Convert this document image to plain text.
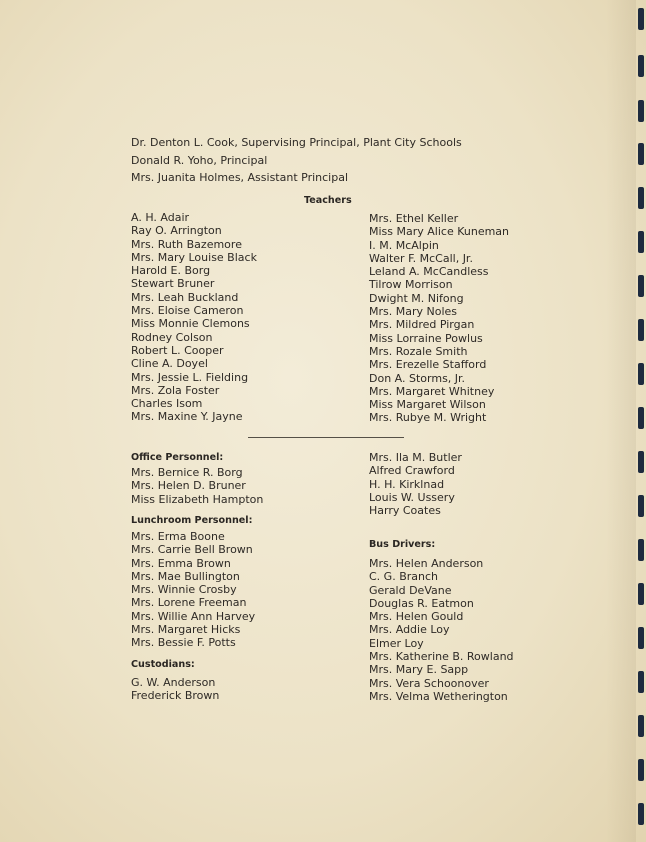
Dr. Denton L. Cook, Supervising Principal, Plant City Schools
Donald R. Yoho, Principal
Mrs. Juanita Holmes, Assistant Principal
Teachers
A. H. Adair
Ray O. Arrington
Mrs. Ruth Bazemore
Mrs. Mary Louise Black
Harold E. Borg
Stewart Bruner
Mrs. Leah Buckland
Mrs. Eloise Cameron
Miss Monnie Clemons
Rodney Colson
Robert L. Cooper
Cline A. Doyel
Mrs. Jessie L. Fielding
Mrs. Zola Foster
Charles Isom
Mrs. Maxine Y. Jayne
Mrs. Ethel Keller
Miss Mary Alice Kuneman
I. M. McAlpin
Walter F. McCall, Jr.
Leland A. McCandless
Tilrow Morrison
Dwight M. Nifong
Mrs. Mary Noles
Mrs. Mildred Pirgan
Miss Lorraine Powlus
Mrs. Rozale Smith
Mrs. Erezelle Stafford
Don A. Storms, Jr.
Mrs. Margaret Whitney
Miss Margaret Wilson
Mrs. Rubye M. Wright
Office Personnel:
Mrs. Bernice R. Borg
Mrs. Helen D. Bruner
Miss Elizabeth Hampton
Lunchroom Personnel:
Mrs. Erma Boone
Mrs. Carrie Bell Brown
Mrs. Emma Brown
Mrs. Mae Bullington
Mrs. Winnie Crosby
Mrs. Lorene Freeman
Mrs. Willie Ann Harvey
Mrs. Margaret Hicks
Mrs. Bessie F. Potts
Custodians:
G. W. Anderson
Frederick Brown
Mrs. Ila M. Butler
Alfred Crawford
H. H. Kirklnad
Louis W. Ussery
Harry Coates
Bus Drivers:
Mrs. Helen Anderson
C. G. Branch
Gerald DeVane
Douglas R. Eatmon
Mrs. Helen Gould
Mrs. Addie Loy
Elmer Loy
Mrs. Katherine B. Rowland
Mrs. Mary E. Sapp
Mrs. Vera Schoonover
Mrs. Velma Wetherington
